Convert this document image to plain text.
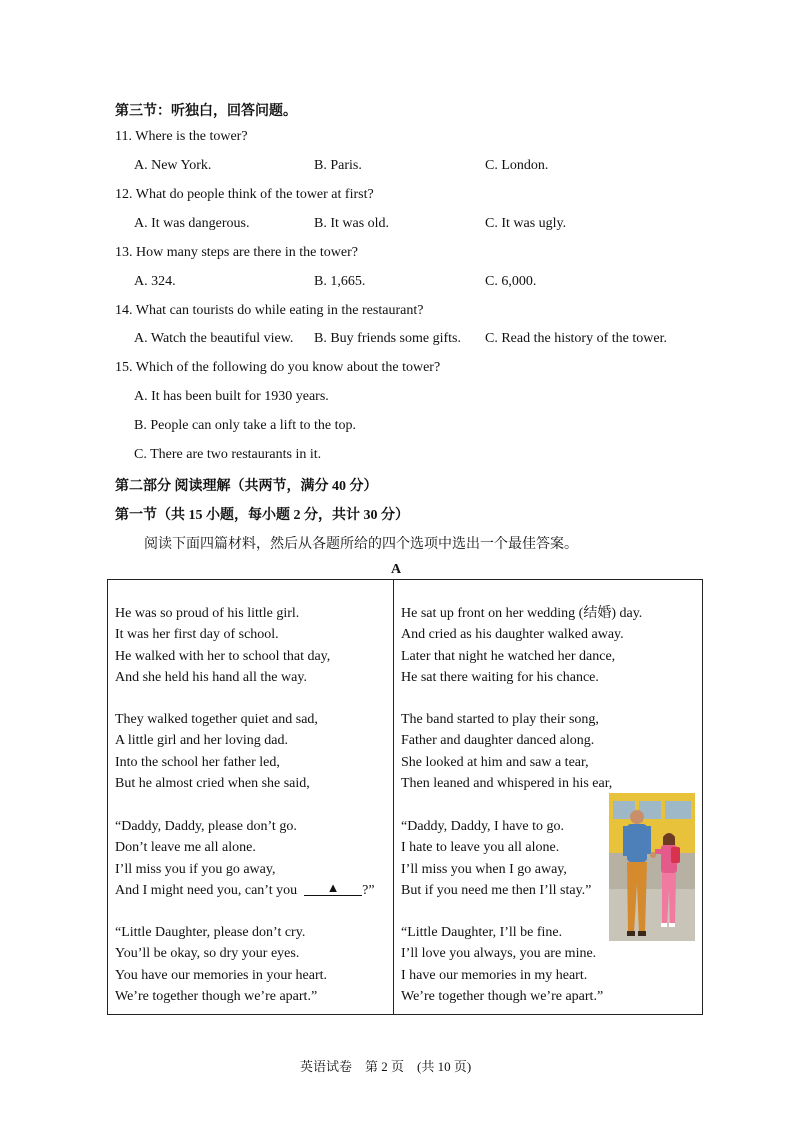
第三节：听独白，回答问题。
11. Where is the tower?
A. New York.	B. Paris.	C. London.
12. What do people think of the tower at first?
A. It was dangerous.	B. It was old.	C. It was ugly.
13. How many steps are there in the tower?
A. 324.	B. 1,665.	C. 6,000.
14. What can tourists do while eating in the restaurant?
A. Watch the beautiful view. B. Buy friends some gifts. C. Read the history of the tower.
15. Which of the following do you know about the tower?
A. It has been built for 1930 years.
B. People can only take a lift to the top.
C. There are two restaurants in it.
第二部分 阅读理解（共两节，满分 40 分）
第一节（共 15 小题，每小题 2 分，共计 30 分）
阅读下面四篇材料，然后从各题所给的四个选项中选出一个最佳答案。
A
He was so proud of his little girl.
It was her first day of school.
He walked with her to school that day,
And she held his hand all the way.
They walked together quiet and sad,
A little girl and her loving dad.
Into the school her father led,
But he almost cried when she said,
“Daddy, Daddy, please don’t go.
Don’t leave me all alone.
I’ll miss you if you go away,
And I might need you, can’t you ▲ ?”
“Little Daughter, please don’t cry.
You’ll be okay, so dry your eyes.
You have our memories in your heart.
We’re together though we’re apart.”
He sat up front on her wedding (结婚) day.
And cried as his daughter walked away.
Later that night he watched her dance,
He sat there waiting for his chance.
The band started to play their song,
Father and daughter danced along.
She looked at him and saw a tear,
Then leaned and whispered in his ear,
“Daddy, Daddy, I have to go.
I hate to leave you all alone.
I’ll miss you when I go away,
But if you need me then I’ll stay.”
“Little Daughter, I’ll be fine.
I’ll love you always, you are mine.
I have our memories in my heart.
We’re together though we’re apart.”
英语试卷　第 2 页　(共 10 页)
